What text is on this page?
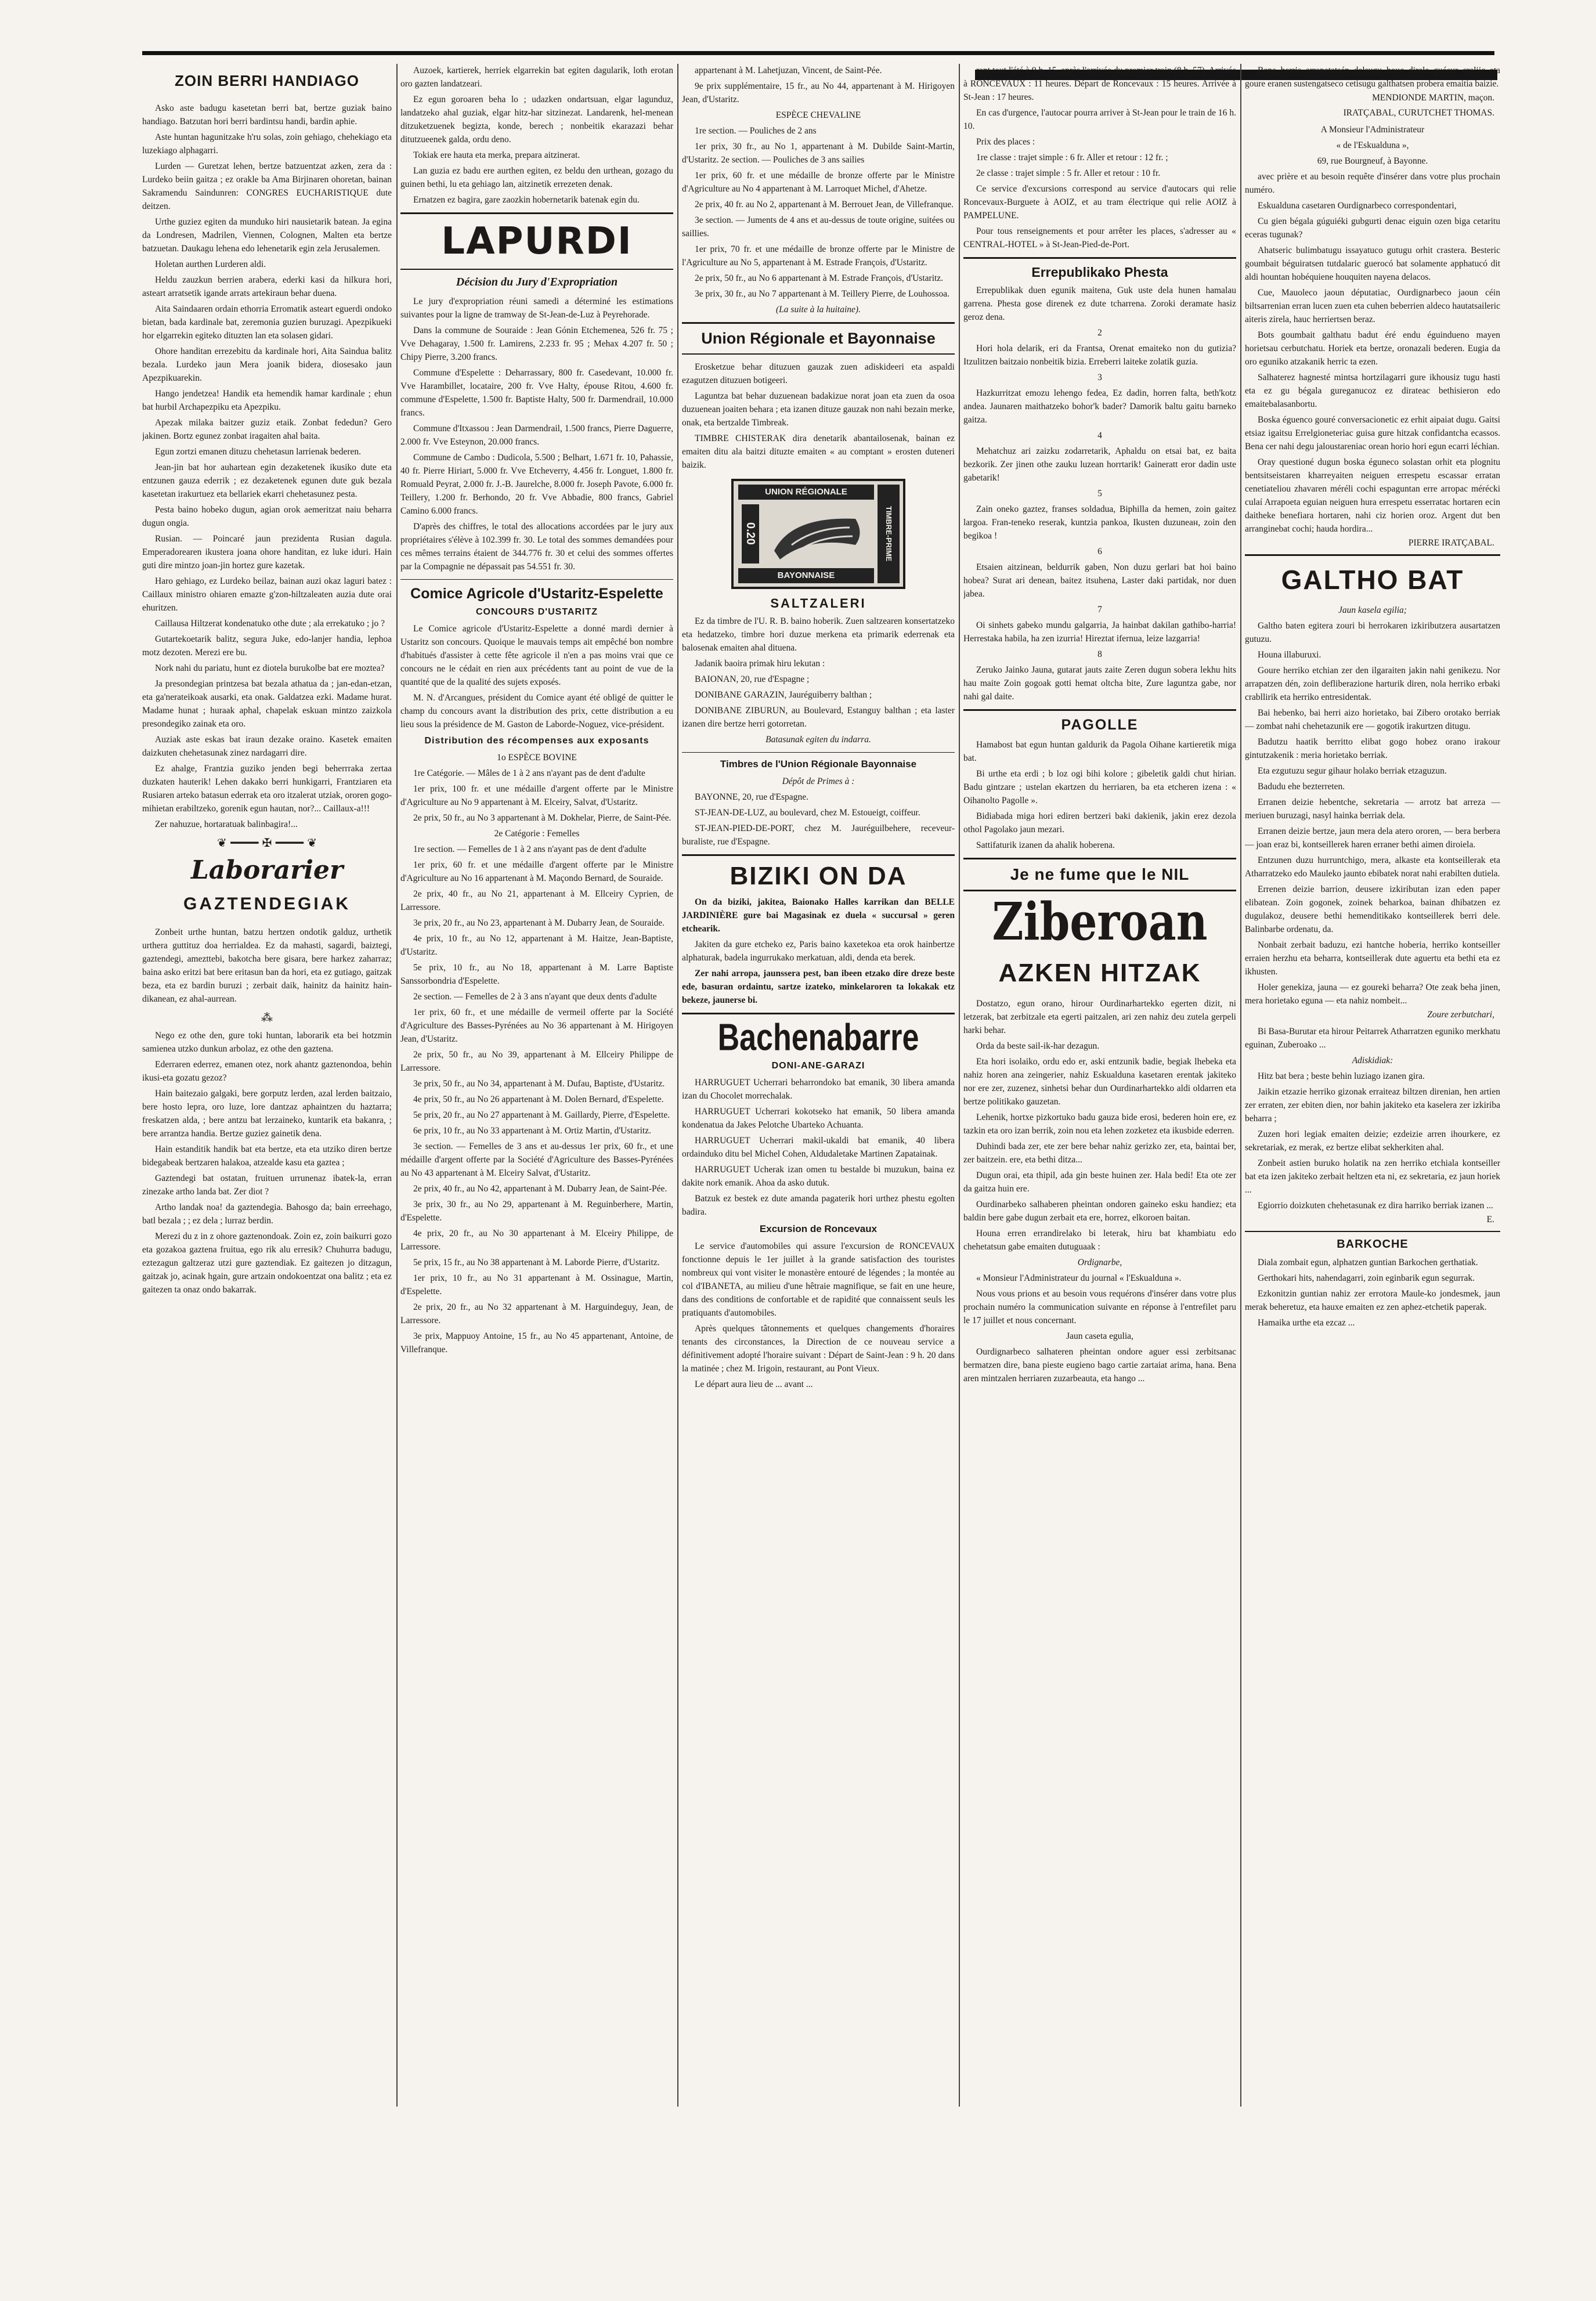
ZOIN BERRI HANDIAGO

Asko aste badugu kasetetan berri bat, bertze guziak baino handiago. Batzutan hori berri bardintsu handi, bardin aphie.

Aste huntan hagunitzake h'ru solas, zoin gehiago, chehekiago eta luzekiago alphagarri.

Lurden — Guretzat lehen, bertze batzuentzat azken, zera da : Lurdeko beiin gaitza ; ez orakle ba Ama Birjinaren ohoretan, bainan Sakramendu Saindunren: CONGRES EUCHARISTIQUE dute deitzen.

Urthe guziez egiten da munduko hiri nausietarik batean. Ja egina da Londresen, Madrilen, Viennen, Colognen, Malten eta bertze batzuetan. Daukagu lehena edo lehenetarik egin zela Jerusalemen.

Holetan aurthen Lurderen aldi.

Heldu zauzkun berrien arabera, ederki kasi da hilkura hori, asteart arratsetik igande arrats artekiraun behar duena.

Aita Saindaaren ordain ethorria Erromatik asteart eguerdi ondoko bietan, bada kardinale bat, zeremonia guzien buruzagi. Apezpikueki hor elgarrekin egiteko dituzten lan eta solasen gidari.

Ohore handitan errezebitu da kardinale hori, Aita Saindua balitz bezala. Lurdeko jaun Mera joanik bidera, diosesako jaun Apezpikuarekin.

Hango jendetzea! Handik eta hemendik hamar kardinale ; ehun bat hurbil Archapezpiku eta Apezpiku.

Apezak milaka baitzer guziz etaik. Zonbat fededun? Gero jakinen. Bortz egunez zonbat iragaiten ahal baita.

Egun zortzi emanen dituzu chehetasun larrienak bederen.

Jean-jin bat hor auhartean egin dezaketenek ikusiko dute eta entzunen gauza ederrik ; ez dezaketenek egunen dute guk bezala kasetetan irakurtuez eta bellariek ekarri chehetasunez pesta.

Pesta baino hobeko dugun, agian orok aemeritzat naiu beharra dugun ongia.

Rusian. — Poincaré jaun prezidenta Rusian dagula. Emperadorearen ikustera joana ohore handitan, ez luke iduri. Hain guti dire mintzo joan-jin hortez gure kazetak.

Haro gehiago, ez Lurdeko beilaz, bainan auzi okaz laguri batez : Caillaux ministro ohiaren emazte g'zon-hiltzaleaten auzia dute orai ehuritzen.

Caillausa Hiltzerat kondenatuko othe dute ; ala errekatuko ; jo ?

Gutartekoetarik balitz, segura Juke, edo-lanjer handia, lephoa motz dezoten. Merezi ere bu.

Nork nahi du pariatu, hunt ez diotela burukolbe bat ere moztea?

Ja presondegian printzesa bat bezala athatua da ; jan-edan-etzan, eta ga'nerateikoak ausarki, eta onak. Galdatzea ezki. Madame hurat. Madame hunat ; huraak aphal, chapelak eskuan mintzo zaizkola presondegiko zainak eta oro.

Auziak aste eskas bat iraun dezake oraino. Kasetek emaiten daizkuten chehetasunak zinez nardagarri dire.

Ez ahalge, Frantzia guziko jenden begi beherrraka zertaa duzkaten hauterik! Lehen dakako berri hunkigarri, Frantziaren eta Rusiaren arteko batasun ederrak eta oro itzalerat utziak, ororen gogo-mihietan erabiltzeko, gorenik egun hautan, nor?... Caillaux-a!!!

Zer nahuzue, hortaratuak balinbagira!...

❦ ━━━━ ✠ ━━━━ ❦
Laborarier
GAZTENDEGIAK

Zonbeit urthe huntan, batzu hertzen ondotik galduz, urthetik urthera guttituz doa herrialdea. Ez da mahasti, sagardi, baiztegi, gaztendegi, amezttebi, bakotcha bere gisara, bere harkez zaharraz; baina asko eritzi bat bere eritasun ban da hori, eta ez gutiago, gaitzak beza, eta ez bardin buruzi ; zerbait daik, hainitz da hainitz hain-dikanean, ez ahal-aurrean.

⁂

Nego ez othe den, gure toki huntan, laborarik eta bei hotzmin samienea utzko dunkun arbolaz, ez othe den gaztena.

Ederraren ederrez, emanen otez, nork ahantz gaztenondoa, behin ikusi-eta gozatu gezoz?

Hain baitezaio galgaki, bere gorputz lerden, azal lerden baitzaio, bere hosto lepra, oro luze, lore dantzaz aphaintzen du haztarra; freskatzen alda, ; bere antzu bat lerzaineko, kuntarik eta bakanra, ; bere arrantza handia. Bertze guziez gainetik dena.

Hain estanditik handik bat eta bertze, eta eta utziko diren bertze bidegabeak bertzaren halakoa, atzealde kasu eta gaztea ;

Gaztendegi bat ostatan, fruituen urrunenaz ibatek-la, erran zinezake artho landa bat. Zer diot ?

Artho landak noa! da gaztendegia. Bahosgo da; bain erreehago, batl bezala ; ; ez dela ; lurraz berdin.

Merezi du z in z ohore gaztenondoak. Zoin ez, zoin baikurri gozo eta gozakoa gaztena fruitua, ego rik alu erresik? Chuhurra badugu, eztezagun galtzeraz utzi gure gaztendiak. Ez gaitezen jo ditzagun, gaitzak jo, acinak hgain, gure artzain ondokoentzat ona balitz ; eta ez gaitezen ta onaz ondo bakarrak.

Auzoek, kartierek, herriek elgarrekin bat egiten dagularik, loth erotan oro gazten landatzeari.

Ez egun goroaren beha lo ; udazken ondartsuan, elgar lagunduz, landatzeko ahal guziak, elgar hitz-har sitzinezat. Landarenk, hel-menean ditzuketzuenek begizta, konde, berech ; nonbeitik ekarazazi behar ditutzueenek galda, ordu deno.

Tokiak ere hauta eta merka, prepara aitzinerat.

Lan guzia ez badu ere aurthen egiten, ez beldu den urthean, gozago du guinen bethi, lu eta gehiago lan, aitzinetik errezeten denak.

Ernatzen ez bagira, gare zaozkin hobernetarik batenak egin du.

LAPURDI
Décision du Jury d'Expropriation

Le jury d'expropriation réuni samedi a déterminé les estimations suivantes pour la ligne de tramway de St-Jean-de-Luz à Peyrehorade.

Dans la commune de Souraide : Jean Gónin Etchemenea, 526 fr. 75 ; Vve Dehagaray, 1.500 fr. Lamirens, 2.233 fr. 95 ; Mehax 4.207 fr. 50 ; Chipy Pierre, 3.200 francs.

Commune d'Espelette : Deharrassary, 800 fr. Casedevant, 10.000 fr. Vve Harambillet, locataire, 200 fr. Vve Halty, épouse Ritou, 4.600 fr. commune d'Espelette, 1.500 fr. Baptiste Halty, 500 fr. Darmendrail, 10.000 francs.

Commune d'Itxassou : Jean Darmendrail, 1.500 francs, Pierre Daguerre, 2.000 fr. Vve Esteynon, 20.000 francs.

Commune de Cambo : Dudicola, 5.500 ; Belhart, 1.671 fr. 10, Pahassie, 40 fr. Pierre Hiriart, 5.000 fr. Vve Etcheverry, 4.456 fr. Longuet, 1.800 fr. Romuald Peyrat, 2.000 fr. J.-B. Jaurelche, 8.000 fr. Joseph Pavote, 6.000 fr. Teillery, 1.200 fr. Berhondo, 20 fr. Vve Abbadie, 800 francs, Gabriel Camino 6.000 francs.

D'après des chiffres, le total des allocations accordées par le jury aux propriétaires s'élève à 102.399 fr. 30. Le total des sommes demandées pour ces mêmes terrains étaient de 344.776 fr. 30 et celui des sommes offertes par la Compagnie ne dépassait pas 54.551 fr. 30.

Comice Agricole d'Ustaritz-Espelette
CONCOURS D'USTARITZ

Le Comice agricole d'Ustaritz-Espelette a donné mardi dernier à Ustaritz son concours. Quoique le mauvais temps ait empêché bon nombre d'habitués d'assister à cette fête agricole il n'en a pas moins vrai que ce concours ne le cédait en rien aux précédents tant au point de vue de la quantité que de la qualité des sujets exposés.

M. N. d'Arcangues, président du Comice ayant été obligé de quitter le champ du concours avant la distribution des prix, cette distribution a eu lieu sous la présidence de M. Gaston de Laborde-Noguez, vice-président.

Distribution des récompenses aux exposants

1o ESPÈCE BOVINE

1re Catégorie. — Mâles de 1 à 2 ans n'ayant pas de dent d'adulte

1er prix, 100 fr. et une médaille d'argent offerte par le Ministre d'Agriculture au No 9 appartenant à M. Elceiry, Salvat, d'Ustaritz.

2e prix, 50 fr., au No 3 appartenant à M. Dokhelar, Pierre, de Saint-Pée.

2e Catégorie : Femelles

1re section. — Femelles de 1 à 2 ans n'ayant pas de dent d'adulte

1er prix, 60 fr. et une médaille d'argent offerte par le Ministre d'Agriculture au No 16 appartenant à M. Maçondo Bernard, de Souraide.

2e prix, 40 fr., au No 21, appartenant à M. Ellceiry Cyprien, de Larressore.

3e prix, 20 fr., au No 23, appartenant à M. Dubarry Jean, de Souraide.

4e prix, 10 fr., au No 12, appartenant à M. Haitze, Jean-Baptiste, d'Ustaritz.

5e prix, 10 fr., au No 18, appartenant à M. Larre Baptiste Sanssorbondria d'Espelette.

2e section. — Femelles de 2 à 3 ans n'ayant que deux dents d'adulte

1er prix, 60 fr., et une médaille de vermeil offerte par la Société d'Agriculture des Basses-Pyrénées au No 36 appartenant à M. Hirigoyen Jean, d'Ustaritz.

2e prix, 50 fr., au No 39, appartenant à M. Ellceiry Philippe de Larressore.

3e prix, 50 fr., au No 34, appartenant à M. Dufau, Baptiste, d'Ustaritz.

4e prix, 50 fr., au No 26 appartenant à M. Dolen Bernard, d'Espelette.

5e prix, 20 fr., au No 27 appartenant à M. Gaillardy, Pierre, d'Espelette.

6e prix, 10 fr., au No 33 appartenant à M. Ortiz Martin, d'Ustaritz.

3e section. — Femelles de 3 ans et au-dessus 1er prix, 60 fr., et une médaille d'argent offerte par la Société d'Agriculture des Basses-Pyrénées au No 43 appartenant à M. Elceiry Salvat, d'Ustaritz.

2e prix, 40 fr., au No 42, appartenant à M. Dubarry Jean, de Saint-Pée.

3e prix, 30 fr., au No 29, appartenant à M. Reguinberhere, Martin, d'Espelette.

4e prix, 20 fr., au No 30 appartenant à M. Elceiry Philippe, de Larressore.

5e prix, 15 fr., au No 38 appartenant à M. Laborde Pierre, d'Ustaritz.

1er prix, 10 fr., au No 31 appartenant à M. Ossinague, Martin, d'Espelette.

2e prix, 20 fr., au No 32 appartenant à M. Harguindeguy, Jean, de Larressore.

3e prix, Mappuoy Antoine, 15 fr., au No 45 appartenant, Antoine, de Villefranque.

appartenant à M. Lahetjuzan, Vincent, de Saint-Pée.

9e prix supplémentaire, 15 fr., au No 44, appartenant à M. Hirigoyen Jean, d'Ustaritz.

ESPÈCE CHEVALINE

1re section. — Pouliches de 2 ans

1er prix, 30 fr., au No 1, appartenant à M. Dubilde Saint-Martin, d'Ustaritz. 2e section. — Pouliches de 3 ans sailies

1er prix, 60 fr. et une médaille de bronze offerte par le Ministre d'Agriculture au No 4 appartenant à M. Larroquet Michel, d'Ahetze.

2e prix, 40 fr. au No 2, appartenant à M. Berrouet Jean, de Villefranque.

3e section. — Juments de 4 ans et au-dessus de toute origine, suitées ou saillies.

1er prix, 70 fr. et une médaille de bronze offerte par le Ministre de l'Agriculture au No 5, appartenant à M. Estrade François, d'Ustaritz.

2e prix, 50 fr., au No 6 appartenant à M. Estrade François, d'Ustaritz.

3e prix, 30 fr., au No 7 appartenant à M. Teillery Pierre, de Louhossoa.

(La suite à la huitaine).

Union Régionale et Bayonnaise

Erosketzue behar dituzuen gauzak zuen adiskideeri eta aspaldi ezagutzen dituzuen botigeeri.

Laguntza bat behar duzuenean badakizue norat joan eta zuen da osoa duzuenean joaiten behara ; eta izanen dituze gauzak non nahi bezain merke, onak, eta bertzalde Timbreak.

TIMBRE CHISTERAK dira denetarik abantailosenak, bainan ez emaiten ditu ala baitzi dituzte emaiten « au comptant » erosten duteneri baizik.

UNION RÉGIONALE
0.20
BAYONNAISE
TIMBRE-PRIME
SALTZALERI

Ez da timbre de l'U. R. B. baino hoberik. Zuen saltzearen konsertatzeko eta hedatzeko, timbre hori duzue merkena eta primarik ederrenak eta balosenak emaiten ahal dituena.

Jadanik baoira primak hiru lekutan :

BAIONAN, 20, rue d'Espagne ;

DONIBANE GARAZIN, Jauréguiberry balthan ;

DONIBANE ZIBURUN, au Boulevard, Estanguy balthan ; eta laster izanen dire bertze herri gotorretan.

Batasunak egiten du indarra.

Timbres de l'Union Régionale Bayonnaise

Dépôt de Primes à :

BAYONNE, 20, rue d'Espagne.

ST-JEAN-DE-LUZ, au boulevard, chez M. Estoueigt, coiffeur.

ST-JEAN-PIED-DE-PORT, chez M. Jauréguilbehere, receveur-buraliste, rue d'Espagne.

BIZIKI ON DA

On da biziki, jakitea, Baionako Halles karrikan dan BELLE JARDINIÈRE gure bai Magasinak ez duela « succursal » geren etchearik.

Jakiten da gure etcheko ez, Paris baino kaxetekoa eta orok hainbertze alphaturak, badela ingurrukako merkatuan, aldi, denda eta berek.

Zer nahi arropa, jaunssera pest, ban ibeen etzako dire dreze beste ede, basuran ordaintu, sartze izateko, minkelaroren ta lokakak etz bekeze, jaunerse bi.

Bachenabarre
DONI-ANE-GARAZI

HARRUGUET Ucherrari beharrondoko bat emanik, 30 libera amanda izan du Chocolet morrechalak.

HARRUGUET Ucherrari kokotseko hat emanik, 50 libera amanda kondenatua da Jakes Pelotche Ubarteko Achuanta.

HARRUGUET Ucherrari makil-ukaldi bat emanik, 40 libera ordainduko ditu bel Michel Cohen, Aldudaletake Martinen Zapatainak.

HARRUGUET Ucherak izan omen tu bestalde bi muzukun, baina ez dakite nork emanik. Ahoa da asko dutuk.

Batzuk ez bestek ez dute amanda pagaterik hori urthez phestu egolten badira.

Excursion de Roncevaux

Le service d'automobiles qui assure l'excursion de RONCEVAUX fonctionne depuis le 1er juillet à la grande satisfaction des touristes nombreux qui vont visiter le monastère entouré de légendes ; la montée au col d'IBANETA, au milieu d'une hêtraie magnifique, se fait en une heure, dans des conditions de confortable et de rapidité que connaissent seuls les pratiquants d'automobiles.

Après quelques tâtonnements et quelques changements d'horaires tenants des circonstances, la Direction de ce nouveau service a définitivement adopté l'horaire suivant : Départ de Saint-Jean : 9 h. 20 dans la matinée ; chez M. Irigoin, restaurant, au Pont Vieux.

Le départ aura lieu de ... avant ...

rant tout l'été à 9 h. 15, après l'arrivée du premier train (8 h. 57). Arrivée à RONCEVAUX : 11 heures. Départ de Roncevaux : 15 heures. Arrivée à St-Jean : 17 heures.

En cas d'urgence, l'autocar pourra arriver à St-Jean pour le train de 16 h. 10.

Prix des places :

1re classe : trajet simple : 6 fr. Aller et retour : 12 fr. ;

2e classe : trajet simple : 5 fr. Aller et retour : 10 fr.

Ce service d'excursions correspond au service d'autocars qui relie Roncevaux-Burguete à AOIZ, et au tram électrique qui relie AOIZ à PAMPELUNE.

Pour tous renseignements et pour arrêter les places, s'adresser au « CENTRAL-HOTEL » à St-Jean-Pied-de-Port.

Errepublikako Phesta

Errepublikak duen egunik maitena, Guk uste dela hunen hamalau garrena. Phesta gose direnek ez dute tcharrena. Zoroki deramate hasiz geroz dena.

2

Hori hola delarik, eri da Frantsa, Orenat emaiteko non du gutizia? Itzulitzen baitzaio nonbeitik bizia. Erreberri laiteke zolatik guzia.

3

Hazkurritzat emozu lehengo fedea, Ez dadin, horren falta, beth'kotz andea. Jaunaren maithatzeko bohor'k bader? Damorik baltu gaitu barneko gaitza.

4

Mehatchuz ari zaizku zodarretarik, Aphaldu on etsai bat, ez baita bezkorik. Zer jinen othe zauku luzean horrtarik! Gaineratt eror dadin uste gabetarik!

5

Zain oneko gaztez, franses soldadua, Biphilla da hemen, zoin gaitez largoa. Fran-teneko reserak, kuntzia pankoa, Ikusten duzuneaн, zoin den begikoa !

6

Etsaien aitzinean, beldurrik gaben, Non duzu gerlari bat hoi baino hobea? Surat ari denean, baitez itsuhena, Laster daki partidak, nor duen jabea.

7

Oi sinhets gabeko mundu galgarria, Ja hainbat dakilan gathibo-harria! Herrestaka habila, ha zen izurria! Hireztat ifernua, leize lazgarria!

8

Zeruko Jainko Jauna, gutarat jauts zaite Zeren dugun sobera lekhu hits hau maite Zoin gogoak gotti hemat oltcha bite, Zure laguntza gabe, nor nahi gal daite.

PAGOLLE

Hamabost bat egun huntan galdurik da Pagola Oihane kartieretik miga bat.

Bi urthe eta erdi ; b loz ogi bihi kolore ; gibeletik galdi chut hirian. Badu gintzare ; ustelan ekartzen du herriaren, ba eta etcheren izena : « Oihanolto Pagolle ».

Bidiabada miga hori ediren bertzeri baki dakienik, jakin erez dezola othol Pagolako jaun mezari.

Sattifaturik izanen da ahalik hoberena.

Je ne fume que le NIL
Ziberoan
AZKEN HITZAK

Dostatzo, egun orano, hirour Ourdinarhartekko egerten dizit, ni letzerak, bat zerbitzale eta egerti paitzalen, ari zen nahiz deu zutela gerpeli harki behar.

Orda da beste sail-ik-har dezagun.

Eta hori isolaiko, ordu edo er, aski entzunik badie, begiak lhebeka eta nahiz horen ana zeingerier, nahiz Eskualduna kasetaren erentak jakiteko nor ere zer, zuzenez, sinhetsi behar dun Ourdinarhartekko aldi oldarren eta bertze politikako gauzetan.

Lehenik, hortxe pizkortuko badu gauza bide erosi, bederen hoin ere, ez tazkin eta oro izan berrik, zoin nou eta lehen zozketez eta ikusbide ederren.

Duhindi bada zer, ete zer bere behar nahiz gerizko zer, eta, baintai ber, zer baitzein. ere, eta bethi ditza...

Dugun orai, eta thipil, ada gin beste huinen zer. Hala bedi! Eta ote zer da gaitza huin ere.

Ourdinarbeko salhaberen pheintan ondoren gaineko esku handiez; eta baldin bere gabe dugun zerbait eta ere, horrez, elkoroen baitan.

Houna erren errandirelako bi leterak, hiru bat khambiatu edo chehetatsun gabe emaiten dutuguaak :

Ordignarbe,

« Monsieur l'Administrateur du journal « l'Eskualduna ».

Nous vous prions et au besoin vous requérons d'insérer dans votre plus prochain numéro la communication suivante en réponse à l'entrefilet paru le 17 juillet et nous concernant.

Jaun caseta egulia,

Ourdignarbeco salhateren pheintan ondore aguer essi zerbitsanac bermatzen dire, bana pieste eugieno bago cartie zartaiat arima, hana. Bena aren mintzalen herriaren zuzarbeauta, eta hango ...

Bena berris arrapetatsén delsugu houc dirala guéeur craliic eta goure eranen sustengatseco cetisugu galthatsen probera emaitia baizie.

MENDIONDE MARTIN, maçon.

IRATÇABAL, CURUTCHET THOMAS.

A Monsieur l'Administrateur

« de l'Eskualduna »,

69, rue Bourgneuf, à Bayonne.

avec prière et au besoin requête d'insérer dans votre plus prochain numéro.

Eskualduna casetaren Ourdignarbeco correspondentari,

Cu gien bégala gúguiéki gubgurti denac eiguin ozen biga cetaritu eceras tugunak?

Ahatseric bulimbatugu issayatuco gutugu orhit crastera. Besteric goumbait béguiratsen tutdalaric guerocó bat solamente apphatucó dit aldi hountan hobéquiene houquiten nayena delacos.

Cue, Mauoleco jaoun députatiac, Ourdignarbeco jaoun céin biltsarrenian erran lucen zuen eta cuhen beberrien aldeco hautatsaileric aiteris zirela, hauc herriertsen beraz.

Bots goumbait galthatu badut éré endu éguindueno mayen horietsau cerbutchatu. Horiek eta bertze, oronazali bederen. Eugia da oro eguniko atzakanik herric ta ezen.

Salhaterez hagnesté mintsa hortzilagarri gure ikhousiz tugu hasti eta ez gu bégala gureganucoz ez dirateac bethisieron edo emaitebalasanbortu.

Boska éguenco gouré conversacionetic ez erhit aipaiat dugu. Gaitsi etsiaz igaitsu Errelgioneteriac guisa gure hitzak confidantcha ecassos. Bena cer nahi degu jaloustareniac orean horio hori egun ecarri léchian.

Oray questioné dugun boska éguneco solastan orhit eta plognitu bentsitseistaren kharreyaiten neiguen errespetu escassar erratan cenetiateliou zhavaren méréli cochi espaguntan erre arropac mérécki culaí Arrapoeta eguian neiguen hura errespetu esserratac hortaren ecin daitheke benefiara hortaren, nahi ciz horien oroz. Argent dut ben arranginebat cochi; hauda hordira...

PIERRE IRATÇABAL.

GALTHO BAT

Jaun kasela egilia;

Galtho baten egitera zouri bi herrokaren izkiributzera ausartatzen gutuzu.

Houna illaburuxi.

Goure herriko etchian zer den ilgaraiten jakin nahi genikezu. Nor arrapatzen dén, zoin defliberazione harturik diren, nola herriko erbaki crabllirik eta herriko entresidentak.

Bai hebenko, bai herri aizo horietako, bai Zibero orotako berriak — zombat nahi chehetazunik ere — gogotik irakurtzen ditugu.

Badutzu haatik berritto elibat gogo hobez orano irakour gintutzakenik : meria horietako berriak.

Eta ezgutuzu segur gihaur holako berriak etzaguzun.

Badudu ehe bezterreten.

Erranen deizie hebentche, sekretaria — arrotz bat arreza — meriuen buruzagi, nasyl hainka berriak dela.

Erranen deizie bertze, jaun mera dela atero ororen, — bera berbera — joan eraz bi, kontseillerek haren erraner bethi aimen diroiela.

Entzunen duzu hurruntchigo, mera, alkaste eta kontseillerak eta Atharratzeko edo Mauleko jaunto ebibatek norat nahi erabilten dutiela.

Errenen deizie barrion, deusere izkiributan izan eden paper elibatean. Zoin gogonek, zoinek beharkoa, bainan dhibatzen ez dugulakoz, deusere bethi hemenditikako kontseillerek berri dele. Balinbarbe ordenatu, da.

Nonbait zerbait baduzu, ezi hantche hoberia, herriko kontseiller erraien herzhu eta beharra, kontseillerak dute aguertu eta bethi eta ez ikhusten.

Holer genekiza, jauna — ez goureki beharra? Ote zeak beha jinen, mera horietako eguna — eta nahiz nombeit...

Zoure zerbutchari,

Bi Basa-Burutar eta hirour Peitarrek Atharratzen eguniko merkhatu eguinan, Zuberoako ...

Adiskidiak:

Hitz bat bera ; beste behin luziago izanen gira.

Jaikin etzazie herriko gizonak erraiteaz biltzen direnian, hen artien zer erraten, zer ebiten dien, nor bahin jakiteko eta kaselera zer izkiriba beharra ;

Zuzen hori legiak emaiten deizie; ezdeizie arren ihourkere, ez sekretariak, ez merak, ez bertze elibat sekherkiten ahal.

Zonbeit astien buruko holatik na zen herriko etchiala kontseiller bat eta izen jakiteko zerbait heltzen eta ni, ez sekretaria, ez jaun horiek ...

Egiorrio doizkuten chehetasunak ez dira harriko berriak izanen ...

E.

BARKOCHE

Diala zombait egun, alphatzen guntian Barkochen gerthatiak.

Gerthokari hits, nahendagarri, zoin eginbarik egun segurrak.

Ezkonitzin guntian nahiz zer errotora Maule-ko jondesmek, jaun merak beheretuz, eta hauxe emaiten ez zen aphez-etchetik paperak.

Hamaika urthe eta ezcaz ...
